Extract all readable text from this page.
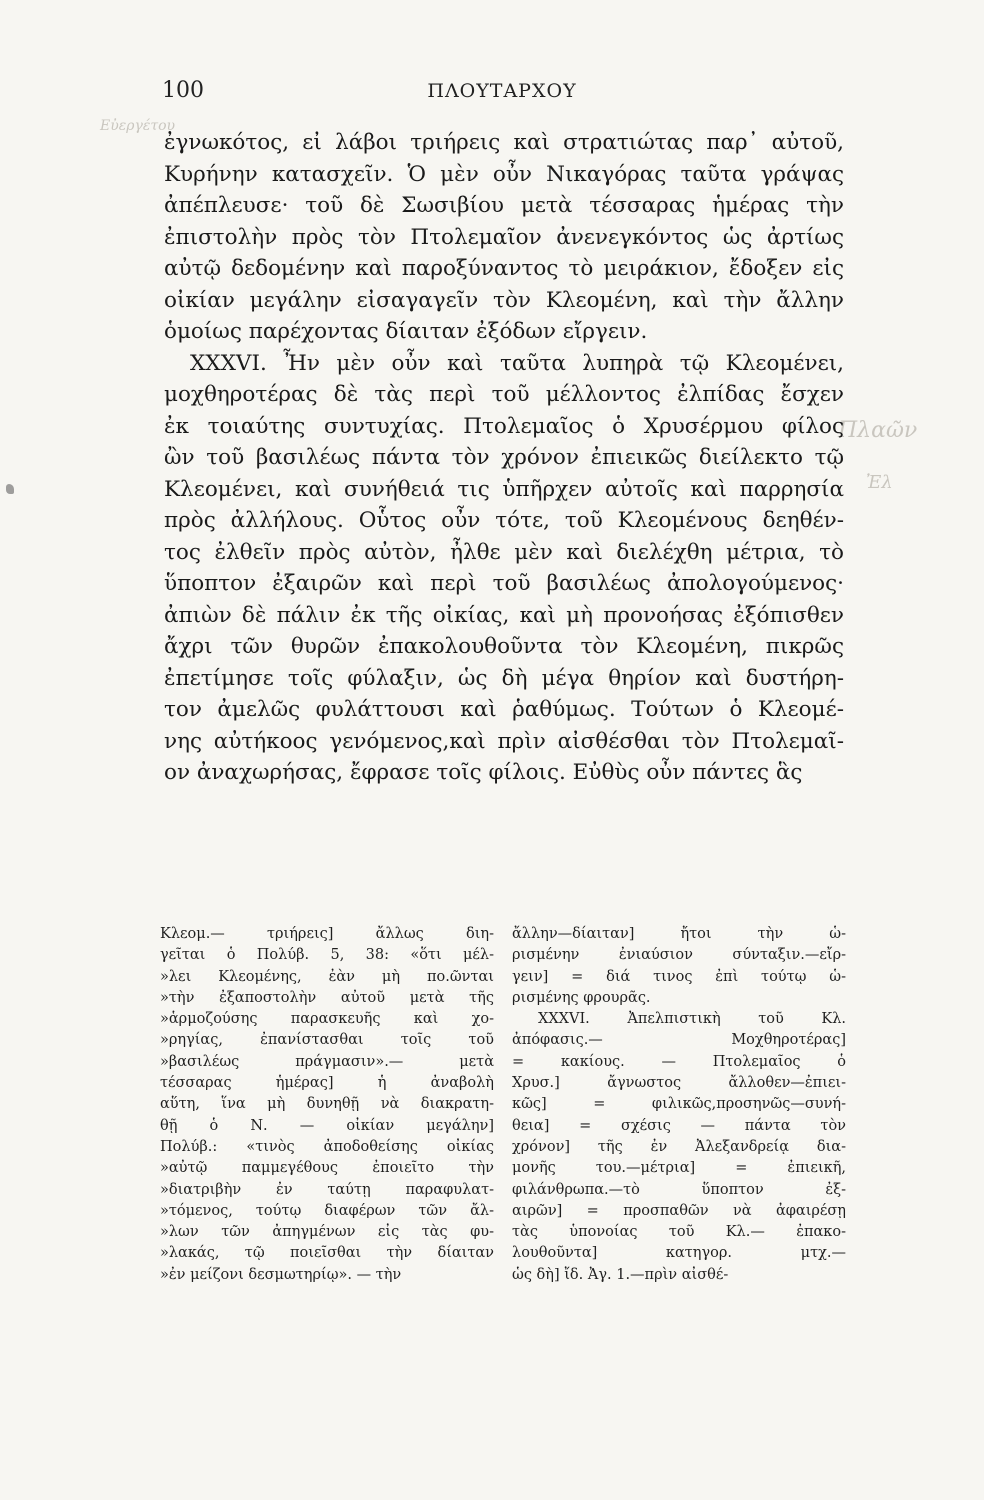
Εὐεργέτου
Πλαῶν
Ἐλ
100	ΠΛΟΥΤΑΡΧΟΥ
ἐγνωκότος, εἰ λάβοι τριήρεις καὶ στρατιώτας παρ᾽ αὐτοῦ,
Κυρήνην κατασχεῖν. Ὁ μὲν οὖν Νικαγόρας ταῦτα γράψας
ἀπέπλευσε· τοῦ δὲ Σωσιβίου μετὰ τέσσαρας ἡμέρας τὴν
ἐπιστολὴν πρὸς τὸν Πτολεμαῖον ἀνενεγκόντος ὡς ἀρτίως
αὐτῷ δεδομένην καὶ παροξύναντος τὸ μειράκιον, ἔδοξεν εἰς
οἰκίαν μεγάλην εἰσαγαγεῖν τὸν Κλεομένη, καὶ τὴν ἄλλην
ὁμοίως παρέχοντας δίαιταν ἐξόδων εἴργειν.
XXXVI. Ἦν μὲν οὖν καὶ ταῦτα λυπηρὰ τῷ Κλεομένει,
μοχθηροτέρας δὲ τὰς περὶ τοῦ μέλλοντος ἐλπίδας ἔσχεν
ἐκ τοιαύτης συντυχίας. Πτολεμαῖος ὁ Χρυσέρμου φίλος
ὢν τοῦ βασιλέως πάντα τὸν χρόνον ἐπιεικῶς διείλεκτο τῷ
Κλεομένει, καὶ συνήθειά τις ὑπῆρχεν αὐτοῖς καὶ παρρησία
πρὸς ἀλλήλους. Οὗτος οὖν τότε, τοῦ Κλεομένους δεηθέν-
τος ἐλθεῖν πρὸς αὐτὸν, ἦλθε μὲν καὶ διελέχθη μέτρια, τὸ
ὕποπτον ἐξαιρῶν καὶ περὶ τοῦ βασιλέως ἀπολογούμενος·
ἀπιὼν δὲ πάλιν ἐκ τῆς οἰκίας, καὶ μὴ προνοήσας ἐξόπισθεν
ἄχρι τῶν θυρῶν ἐπακολουθοῦντα τὸν Κλεομένη, πικρῶς
ἐπετίμησε τοῖς φύλαξιν, ὡς δὴ μέγα θηρίον καὶ δυστήρη-
τον ἀμελῶς φυλάττουσι καὶ ῥαθύμως. Τούτων ὁ Κλεομέ-
νης αὐτήκοος γενόμενος,καὶ πρὶν αἰσθέσθαι τὸν Πτολεμαῖ-
ον ἀναχωρήσας, ἔφρασε τοῖς φίλοις. Εὐθὺς οὖν πάντες ἃς
Κλεομ.— τριήρεις] ἄλλως διη-
γεῖται ὁ Πολύβ. 5, 38: «ὅτι μέλ-
»λει Κλεομένης, ἐὰν μὴ πο.ῶνται
»τὴν ἐξαποστολὴν αὐτοῦ μετὰ τῆς
»ἁρμοζούσης παρασκευῆς καὶ χο-
»ρηγίας, ἐπανίστασθαι τοῖς τοῦ
»βασιλέως πράγμασιν».— μετὰ
τέσσαρας ἡμέρας] ἡ ἀναβολὴ
αὕτη, ἵνα μὴ δυνηθῇ νὰ διακρατη-
θῇ ὁ Ν. — οἰκίαν μεγάλην]
Πολύβ.: «τινὸς ἀποδοθείσης οἰκίας
»αὐτῷ παμμεγέθους ἐποιεῖτο τὴν
»διατριβὴν ἐν ταύτῃ παραφυλατ-
»τόμενος, τούτῳ διαφέρων τῶν ἄλ-
»λων τῶν ἀπηγμένων εἰς τὰς φυ-
»λακάς, τῷ ποιεῖσθαι τὴν δίαιταν
»ἐν μείζονι δεσμωτηρίῳ». — τὴν
ἄλλην—δίαιταν] ἤτοι τὴν ὡ-
ρισμένην ἐνιαύσιον σύνταξιν.—εἴρ-
γειν] = διά τινος ἐπὶ τούτῳ ὡ-
ρισμένης φρουρᾶς.
XXXVI. Ἀπελπιστικὴ τοῦ Κλ.
ἀπόφασις.— Μοχθηροτέρας]
= κακίους. — Πτολεμαῖος ὁ
Χρυσ.] ἄγνωστος ἄλλοθεν—ἐπιει-
κῶς] = φιλικῶς,προσηνῶς—συνή-
θεια] = σχέσις — πάντα τὸν
χρόνον] τῆς ἐν Ἀλεξανδρείᾳ δια-
μονῆς του.—μέτρια] = ἐπιεικῆ,
φιλάνθρωπα.—τὸ ὕποπτον ἐξ-
αιρῶν] = προσπαθῶν νὰ ἀφαιρέσῃ
τὰς ὑπονοίας τοῦ Κλ.— ἐπακο-
λουθοῦντα] κατηγορ. μτχ.—
ὡς δὴ] ἴδ. Ἀγ. 1.—πρὶν αἰσθέ-
